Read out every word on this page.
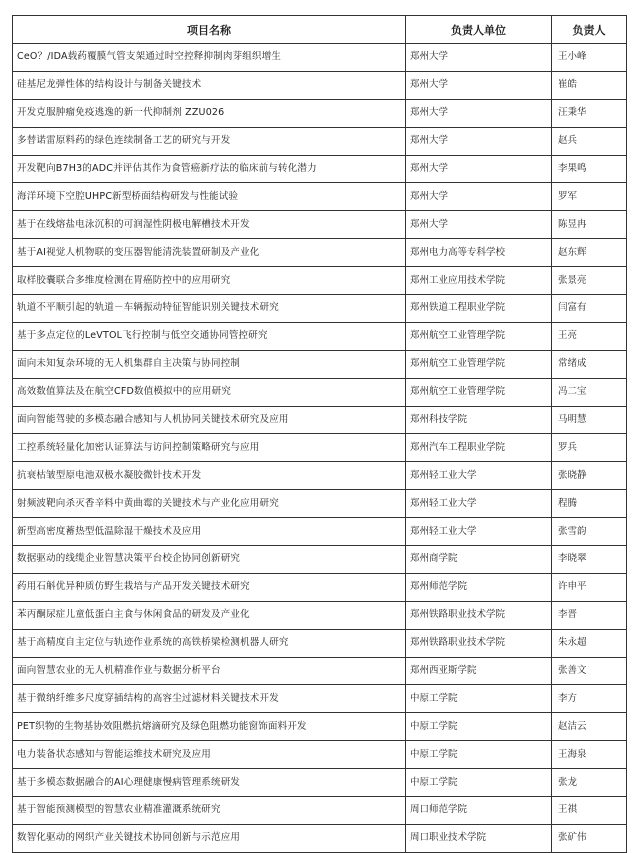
项目名称	负责人单位	负责人
CeO？/IDA载药覆膜气管支架通过时空控释抑制肉芽组织增生	郑州大学	王小峰
硅基尼龙弹性体的结构设计与制备关键技术	郑州大学	崔皓
开发克服肿瘤免疫逃逸的新一代抑制剂 ZZU026	郑州大学	汪秉华
多替诺雷原料药的绿色连续制备工艺的研究与开发	郑州大学	赵兵
开发靶向B7H3的ADC并评估其作为食管癌新疗法的临床前与转化潜力	郑州大学	李果鸣
海洋环境下空腔UHPC新型桥面结构研发与性能试验	郑州大学	罗军
基于在线熔盐电泳沉积的可润湿性阴极电解槽技术开发	郑州大学	陈昱冉
基于AI视觉人机物联的变压器智能清洗装置研制及产业化	郑州电力高等专科学校	赵东辉
取样胶囊联合多维度检测在胃癌防控中的应用研究	郑州工业应用技术学院	张景亮
轨道不平顺引起的轨道－车辆振动特征智能识别关键技术研究	郑州铁道工程职业学院	闫富有
基于多点定位的LeVTOL飞行控制与低空交通协同管控研究	郑州航空工业管理学院	王亮
面向未知复杂环境的无人机集群自主决策与协同控制	郑州航空工业管理学院	常绪成
高效数值算法及在航空CFD数值模拟中的应用研究	郑州航空工业管理学院	冯二宝
面向智能驾驶的多模态融合感知与人机协同关键技术研究及应用	郑州科技学院	马明慧
工控系统轻量化加密认证算法与访问控制策略研究与应用	郑州汽车工程职业学院	罗兵
抗衰枯皱型原电池双极水凝胶微针技术开发	郑州轻工业大学	张晓静
射频波靶向杀灭香辛料中黄曲霉的关键技术与产业化应用研究	郑州轻工业大学	程腾
新型高密度蓄热型低温除湿干燥技术及应用	郑州轻工业大学	张雪韵
数据驱动的线缆企业智慧决策平台校企协同创新研究	郑州商学院	李晓翠
药用石斛优异种质仿野生栽培与产品开发关键技术研究	郑州师范学院	许申平
苯丙酮尿症儿童低蛋白主食与休闲食品的研发及产业化	郑州铁路职业技术学院	李晋
基于高精度自主定位与轨迹作业系统的高铁桥梁检测机器人研究	郑州铁路职业技术学院	朱永超
面向智慧农业的无人机精准作业与数据分析平台	郑州西亚斯学院	张善文
基于微纳纤维多尺度穿插结构的高容尘过滤材料关键技术开发	中原工学院	李方
PET织物的生物基协效阻燃抗熔滴研究及绿色阻燃功能窗饰面料开发	中原工学院	赵洁云
电力装备状态感知与智能运维技术研究及应用	中原工学院	王海泉
基于多模态数据融合的AI心理健康慢病管理系统研发	中原工学院	张龙
基于智能预测模型的智慧农业精准灌溉系统研究	周口师范学院	王祺
数智化驱动的网织产业关键技术协同创新与示范应用	周口职业技术学院	张矿伟
